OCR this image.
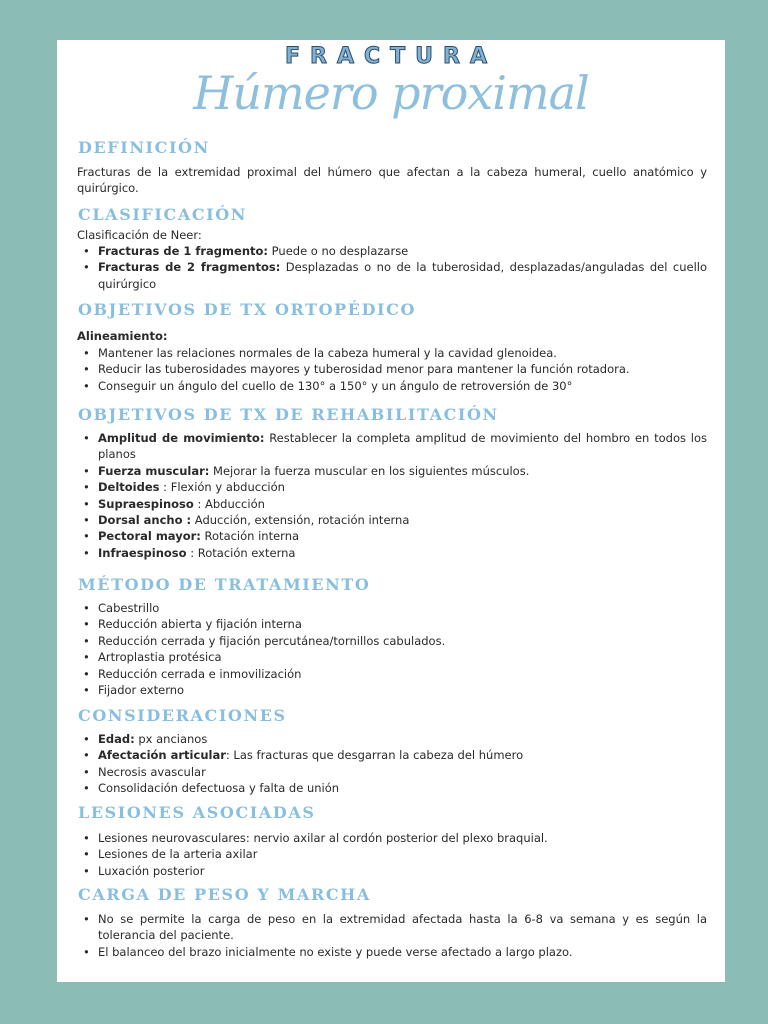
FRACTURA
Húmero proximal
DEFINICIÓN

Fracturas de la extremidad proximal del húmero que afectan a la cabeza humeral, cuello anatómico y quirúrgico.

CLASIFICACIÓN

Clasificación de Neer:

• Fracturas de 1 fragmento: Puede o no desplazarse
• Fracturas de 2 fragmentos: Desplazadas o no de la tuberosidad, desplazadas/anguladas del cuello quirúrgico
OBJETIVOS DE TX ORTOPÉDICO

Alineamiento:

• Mantener las relaciones normales de la cabeza humeral y la cavidad glenoidea.
• Reducir las tuberosidades mayores y tuberosidad menor para mantener la función rotadora.
• Conseguir un ángulo del cuello de 130° a 150° y un ángulo de retroversión de 30°
OBJETIVOS DE TX DE REHABILITACIÓN
• Amplitud de movimiento: Restablecer la completa amplitud de movimiento del hombro en todos los planos
• Fuerza muscular: Mejorar la fuerza muscular en los siguientes músculos.
• Deltoides : Flexión y abducción
• Supraespinoso : Abducción
• Dorsal ancho : Aducción, extensión, rotación interna
• Pectoral mayor: Rotación interna
• Infraespinoso : Rotación externa
MÉTODO DE TRATAMIENTO
• Cabestrillo
• Reducción abierta y fijación interna
• Reducción cerrada y fijación percutánea/tornillos cabulados.
• Artroplastia protésica
• Reducción cerrada e inmovilización
• Fijador externo
CONSIDERACIONES
• Edad: px ancianos
• Afectación articular: Las fracturas que desgarran la cabeza del húmero
• Necrosis avascular
• Consolidación defectuosa y falta de unión
LESIONES ASOCIADAS
• Lesiones neurovasculares: nervio axilar al cordón posterior del plexo braquial.
• Lesiones de la arteria axilar
• Luxación posterior
CARGA DE PESO Y MARCHA
• No se permite la carga de peso en la extremidad afectada hasta la 6-8 va semana y es según la tolerancia del paciente.
• El balanceo del brazo inicialmente no existe y puede verse afectado a largo plazo.
